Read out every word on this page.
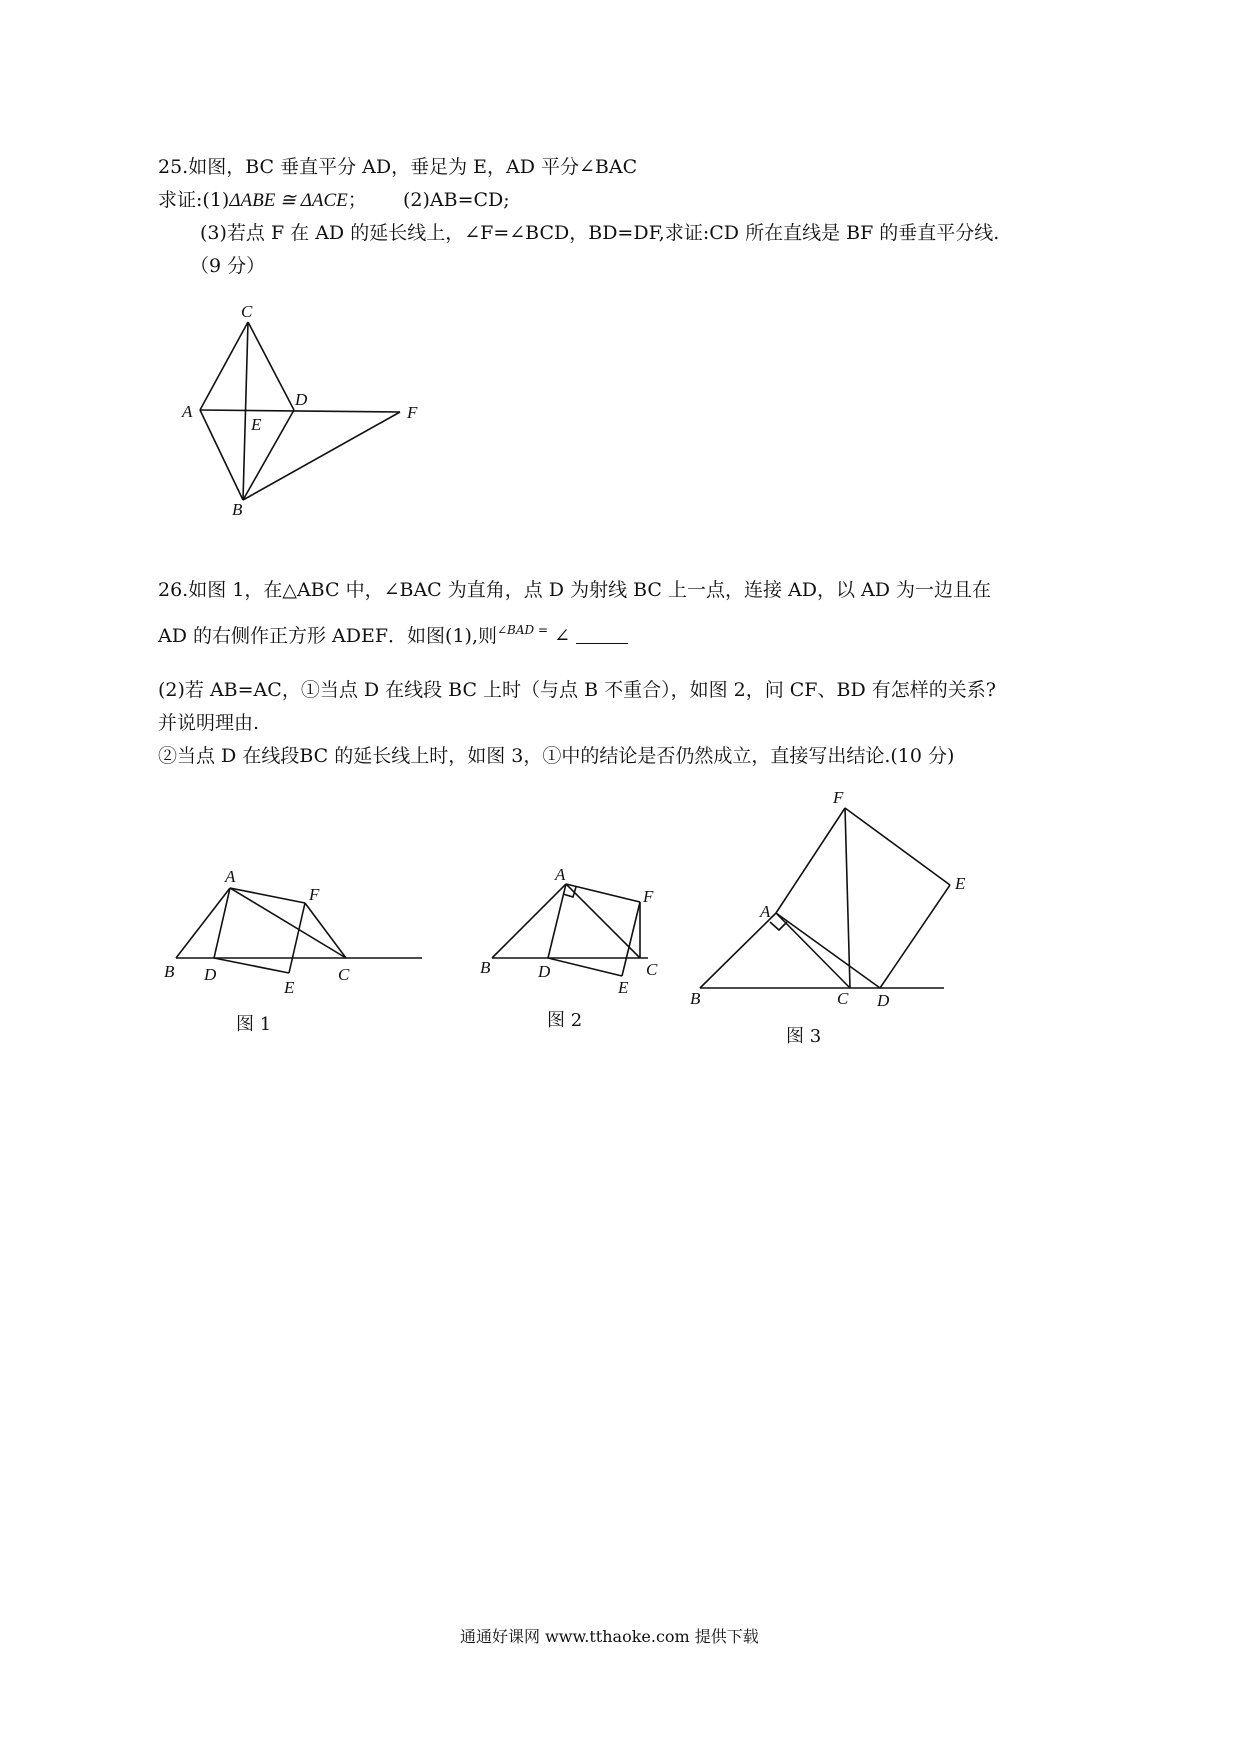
25.如图，BC 垂直平分 AD，垂足为 E，AD 平分∠BAC
求证:(1)ΔABE ≅ ΔACE；      (2)AB=CD;
(3)若点 F 在 AD 的延长线上，∠F=∠BCD，BD=DF,求证:CD 所在直线是 BF 的垂直平分线.
（9 分）
C
A
D
E
F
B
26.如图 1，在△ABC 中，∠BAC 为直角，点 D 为射线 BC 上一点，连接 AD，以 AD 为一边且在
AD 的右侧作正方形 ADEF．如图(1),则$^{\angle BAD =}$ ∠
(2)若 AB=AC，①当点 D 在线段 BC 上时（与点 B 不重合），如图 2，问 CF、BD 有怎样的关系?
并说明理由.
②当点 D 在线段BC 的延长线上时，如图 3，①中的结论是否仍然成立，直接写出结论.(10 分)
A
F
B D
E
C
A
F
B	D	C
E
F
E
A
B	C D
图 1	图 2
图 3
通通好课网 www.tthaoke.com 提供下载
